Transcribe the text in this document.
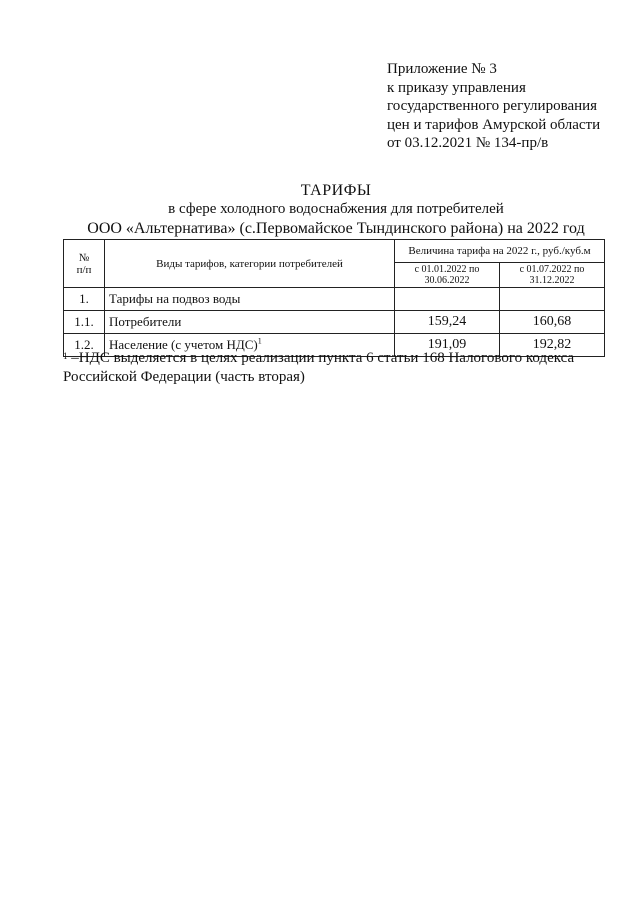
Приложение № 3
к приказу управления
государственного регулирования
цен и тарифов Амурской области
от 03.12.2021 № 134-пр/в
ТАРИФЫ
в сфере холодного водоснабжения для потребителей
ООО «Альтернатива» (с.Первомайское Тындинского района) на 2022 год
№
п/п	Виды тарифов, категории потребителей	Величина тарифа на 2022 г., руб./куб.м	
		с 01.01.2022 по 30.06.2022	с 01.07.2022 по 31.12.2022
1.	Тарифы на подвоз воды		
1.1.	Потребители	159,24	160,68
1.2.	Население (с учетом НДС)$^1$	191,09	192,82
$^1$ –НДС выделяется в целях реализации пункта 6 статьи 168 Налогового кодекса Российской Федерации (часть вторая)
